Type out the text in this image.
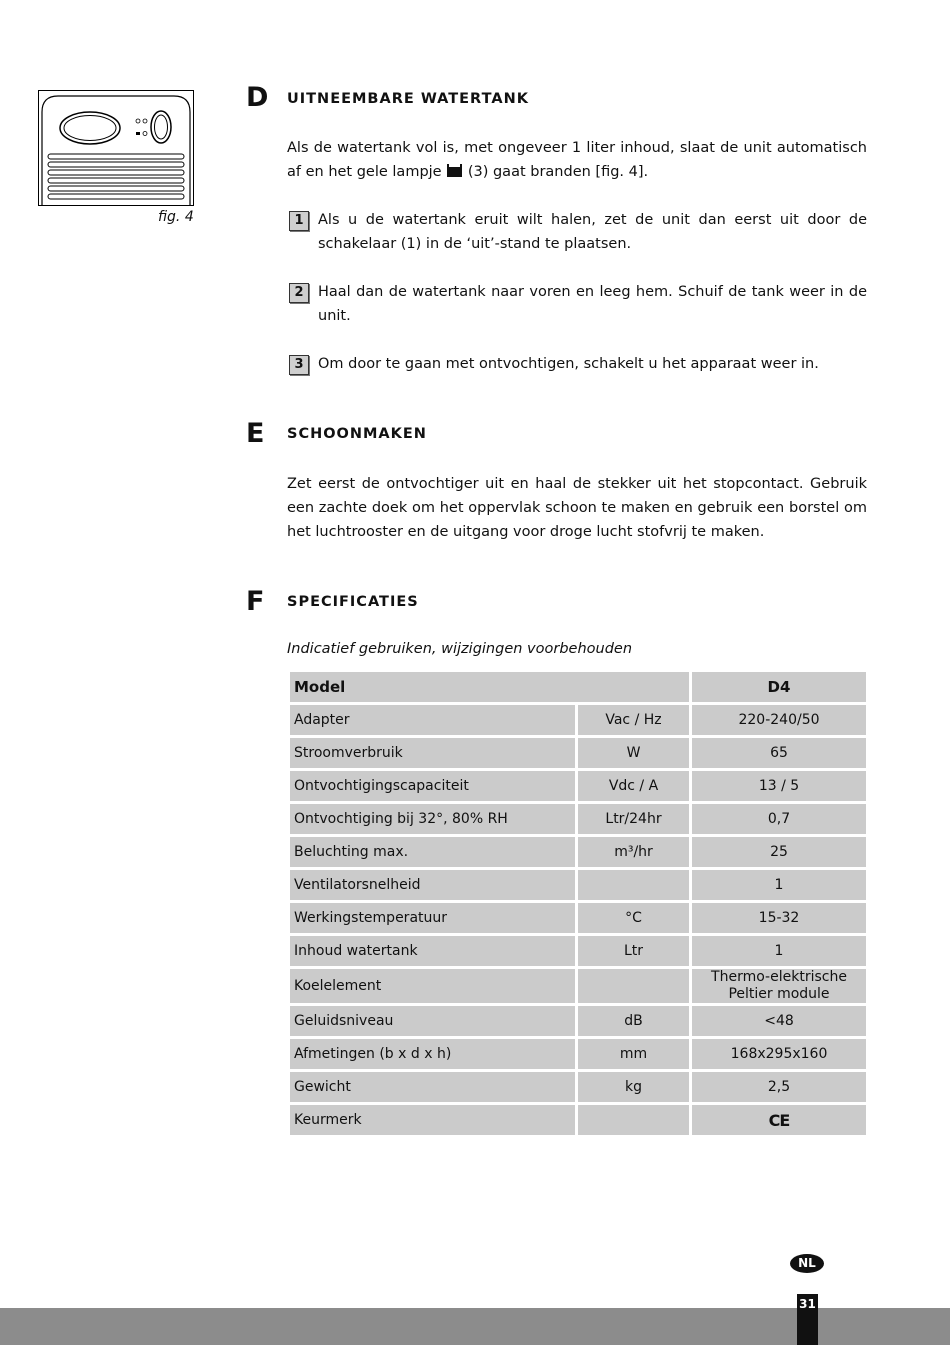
fig. 4
D UITNEEMBARE WATERTANK
Als de watertank vol is, met ongeveer 1 liter inhoud, slaat de unit automatisch af en het gele lampje (3) gaat branden [fig. 4].
1 Als u de watertank eruit wilt halen, zet de unit dan eerst uit door de schakelaar (1) in de ‘uit’-stand te plaatsen.
2 Haal dan de watertank naar voren en leeg hem. Schuif de tank weer in de unit.
3 Om door te gaan met ontvochtigen, schakelt u het apparaat weer in.
E SCHOONMAKEN
Zet eerst de ontvochtiger uit en haal de stekker uit het stopcontact. Gebruik een zachte doek om het oppervlak schoon te maken en gebruik een borstel om het luchtrooster en de uitgang voor droge lucht stofvrij te maken.
F SPECIFICATIES
Indicatief gebruiken, wijzigingen voorbehouden
Model		D4
Adapter	Vac / Hz	220-240/50
Stroomverbruik	W	65
Ontvochtigingscapaciteit	Vdc / A	13 / 5
Ontvochtiging bij 32°, 80% RH	Ltr/24hr	0,7
Beluchting max.	m³/hr	25
Ventilatorsnelheid		1
Werkingstemperatuur	°C	15-32
Inhoud watertank	Ltr	1
Koelelement		Thermo-elektrische
Peltier module

Geluidsniveau	dB	<48
Afmetingen (b x d x h)	mm	168x295x160
Gewicht	kg	2,5
Keurmerk		CE
NL
31
